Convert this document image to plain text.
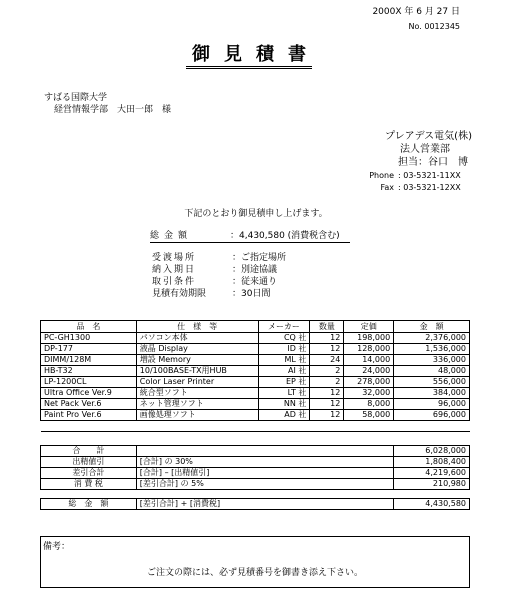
2000X 年 6 月 27 日
No. 0012345
御見積書
すばる国際大学
経営情報学部　大田一郎　様
プレアデス電気(株)
法人営業部
担当：谷口　博
Phone : 03-5321-11XX
Fax : 03-5321-12XX
下記のとおり御見積申し上げます。
総金額	：4,430,580 (消費税含む)
受渡場所	：ご指定場所
納入期日	：別途協議
取引条件	：従来通り
見積有効期限	：30日間
品　名	仕　様　等	メーカー	数量	定価	金　額
PC-GH1300	パソコン本体	CQ 社	12	198,000	2,376,000
DP-177	液晶 Display	ID 社	12	128,000	1,536,000
DIMM/128M	増設 Memory	ML 社	24	14,000	336,000
HB-T32	10/100BASE-TX用HUB	AI 社	2	24,000	48,000
LP-1200CL	Color Laser Printer	EP 社	2	278,000	556,000
Ultra Office Ver.9	統合型ソフト	LT 社	12	32,000	384,000
Net Pack Ver.6	ネット管理ソフト	NN 社	12	8,000	96,000
Paint Pro Ver.6	画像処理ソフト	AD 社	12	58,000	696,000

合　　計		6,028,000
出精値引	[合計] の 30%	1,808,400
差引合計	[合計] – [出精値引]	4,219,600
消 費 税	[差引合計] の 5%	210,980

総　金　額	[差引合計] + [消費税]	4,430,580
備考：
ご注文の際には、必ず見積番号を御書き添え下さい。
